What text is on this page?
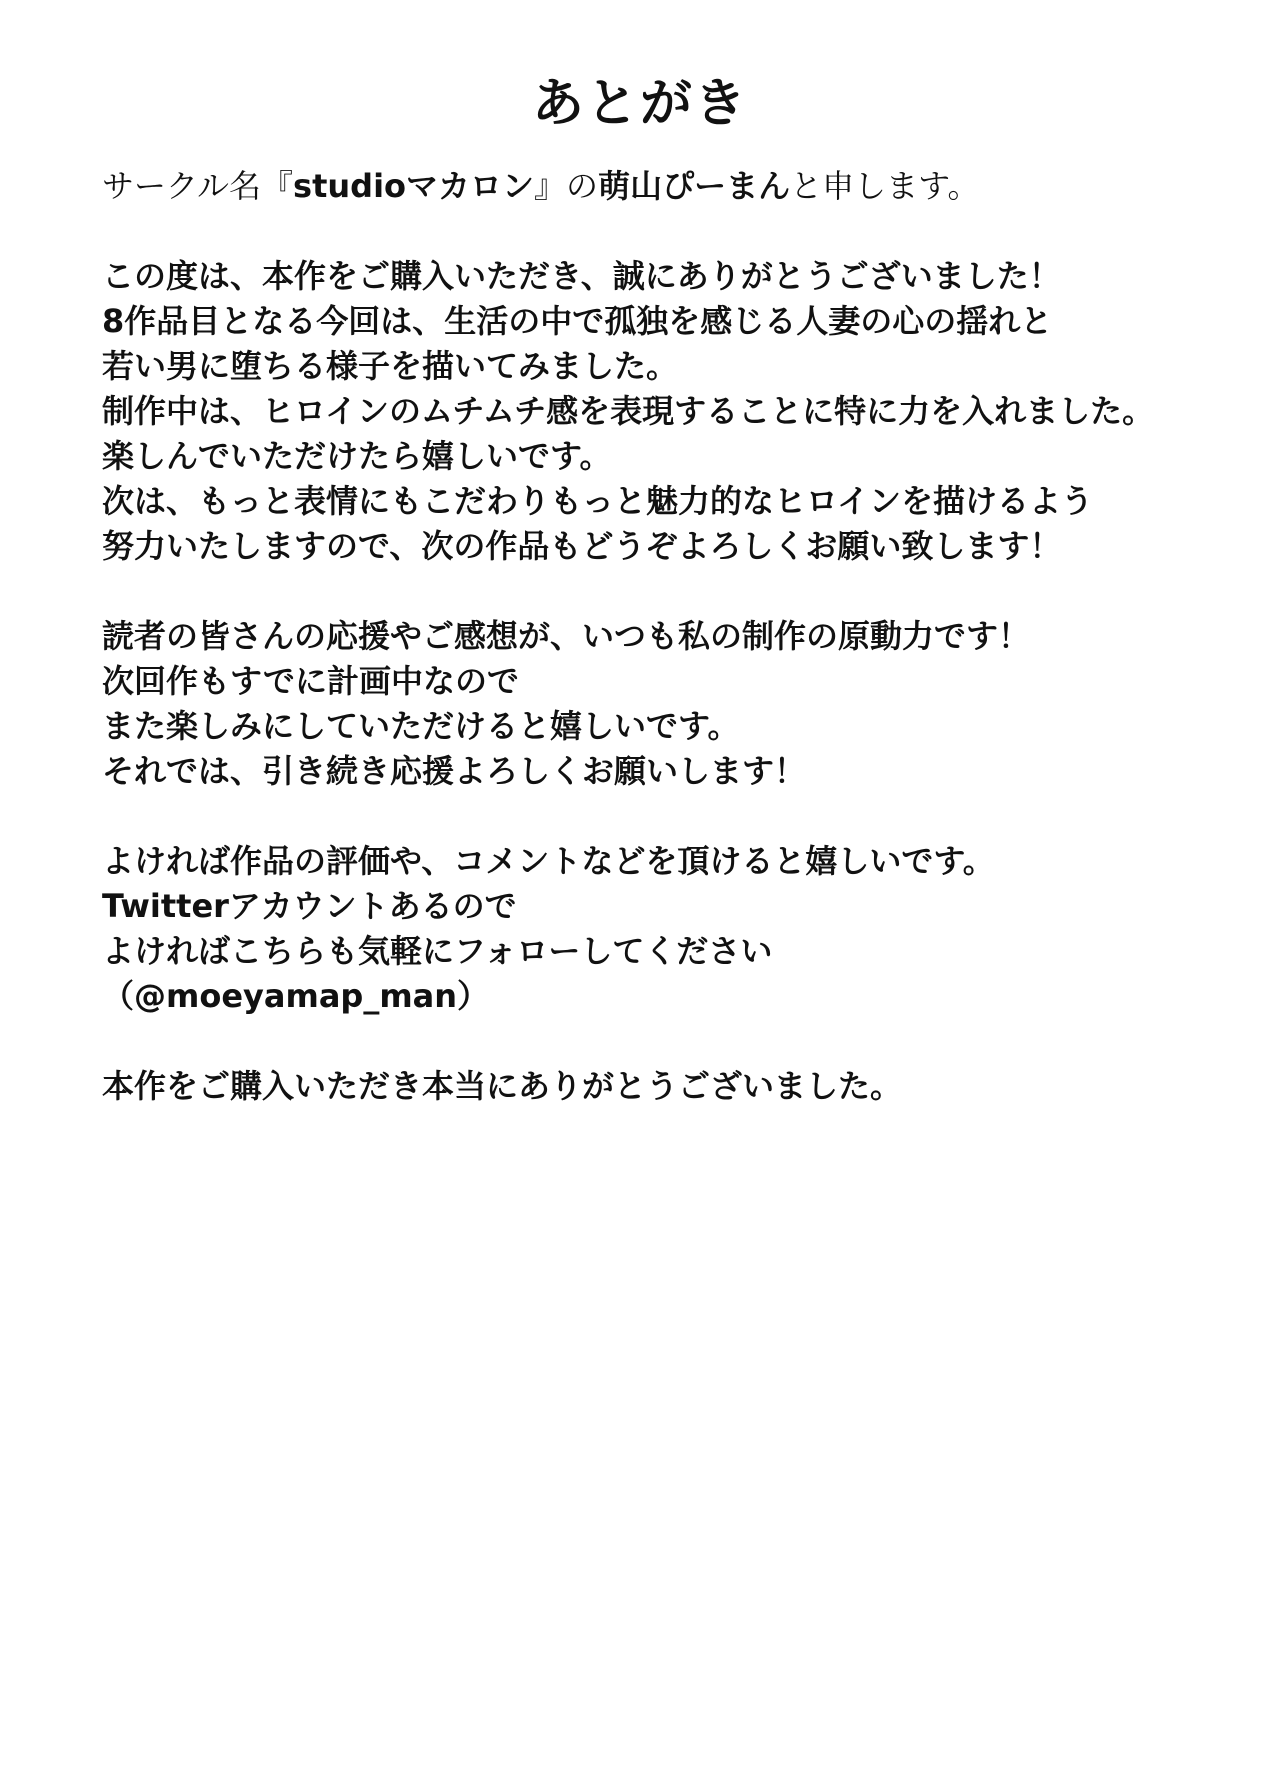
あとがき
サークル名『studioマカロン』の萌山ぴーまんと申します。
この度は、本作をご購入いただき、誠にありがとうございました！
8作品目となる今回は、生活の中で孤独を感じる人妻の心の揺れと
若い男に堕ちる様子を描いてみました。
制作中は、ヒロインのムチムチ感を表現することに特に力を入れました。
楽しんでいただけたら嬉しいです。
次は、もっと表情にもこだわりもっと魅力的なヒロインを描けるよう
努力いたしますので、次の作品もどうぞよろしくお願い致します！
読者の皆さんの応援やご感想が、いつも私の制作の原動力です！
次回作もすでに計画中なので
また楽しみにしていただけると嬉しいです。
それでは、引き続き応援よろしくお願いします！
よければ作品の評価や、コメントなどを頂けると嬉しいです。
Twitterアカウントあるので
よければこちらも気軽にフォローしてください
（@moeyamap_man）
本作をご購入いただき本当にありがとうございました。
